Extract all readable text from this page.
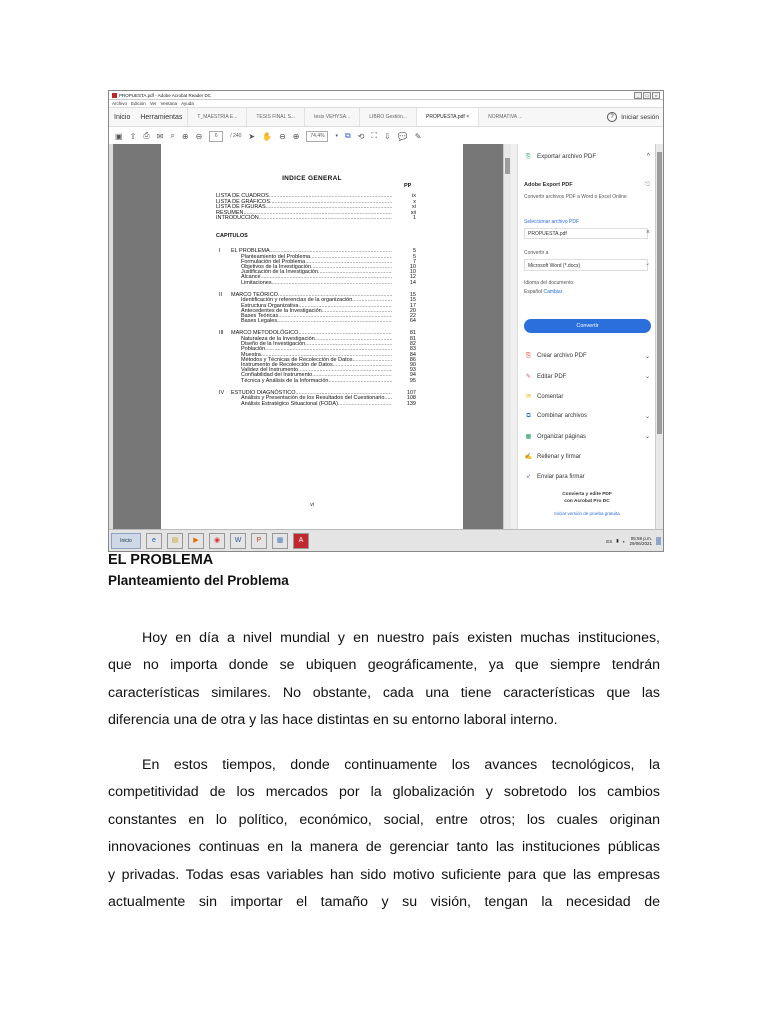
PROPUESTA.pdf - Adobe Acrobat Reader DC	_	□	×
Archivo Edición Ver Ventana Ayuda
Inicio	Herramientas	T_MAESTRIA E...	TESIS FINAL S...	tesis VEHYSA...	LIBRO Gestión...	PROPUESTA.pdf ×	NORMATIVA ...	?	Iniciar sesión
▣ ⇧ ⎙ ✉ ⌕ ⊕ ⊖	6	/ 240 ➤ ✋ ⊖ ⊕	74,4%	▾ ⧉ ⟲ ⛶ ⇩ 💬 ✎
INDICE GENERAL
PP
LISTA DE CUADROS .....	ix
LISTA DE GRÁFICOS .....	x
LISTA DE FIGURAS .....	xi
RESUMEN .....	xii
INTRODUCCIÓN .....	1
CAPITULOS
I EL PROBLEMA .....	5
Planteamiento del Problema .....	5
Formulación del Problema .....	7
Objetivos de la Investigación .....	10
Justificación de la Investigación .....	10
Alcance .....	12
Limitaciones .....	14
II MARCO TEÓRICO .....	15
Identificación y referencias de la organización .....	15
Estructura Organizativa .....	17
Antecedentes de la Investigación .....	20
Bases Teóricas .....	22
Bases Legales .....	64
III MARCO METODOLÓGICO .....	81
Naturaleza de la Investigación .....	81
Diseño de la Investigación .....	82
Población .....	83
Muestra .....	84
Métodos y Técnicas de Recolección de Datos .....	86
Instrumento de Recolección de Datos .....	90
Validez del Instrumento .....	93
Confiabilidad del Instrumento .....	94
Técnica y Análisis de la Información .....	95
IV ESTUDIO DIAGNÓSTICO .....	107
Análisis y Presentación de los Resultados del Cuestionario .....	108
Análisis Estratégico Situacional (FODA) .....	139
vi
⎘ Exportar archivo PDF	^
Adobe Export PDF	⎋
Convertir archivos PDF a Word o Excel Online
Seleccionar archivo PDF
PROPUESTA.pdf	×
Convertir a
Microsoft Word (*.docx)	⌄
Idioma del documento:
Español Cambiar
Convertir
⎘ Crear archivo PDF	⌄
✎ Editar PDF	⌄
✉ Comentar
⧉ Combinar archivos	⌄
▦ Organizar páginas	⌄
✍ Rellenar y firmar
➶ Enviar para firmar
Convierta y edite PDF
con Acrobat Pro DC
Iniciar versión de prueba gratuita
Inicio	e	▤	▶	◉	W	P	▦	A	ES ▮ ◐ 05:59 p.m.
29/06/2021
EL PROBLEMA
Planteamiento del Problema
Hoy en día a nivel mundial y en nuestro país existen muchas instituciones,
que no importa donde se ubiquen geográficamente, ya que siempre tendrán
características similares. No obstante, cada una tiene características que las
diferencia una de otra y las hace distintas en su entorno laboral interno.
En estos tiempos, donde continuamente los avances tecnológicos, la
competitividad de los mercados por la globalización y sobretodo los cambios
constantes en lo político, económico, social, entre otros; los cuales originan
innovaciones continuas en la manera de gerenciar tanto las instituciones públicas
y privadas. Todas esas variables han sido motivo suficiente para que las empresas
actualmente sin importar el tamaño y su visión, tengan la necesidad de
